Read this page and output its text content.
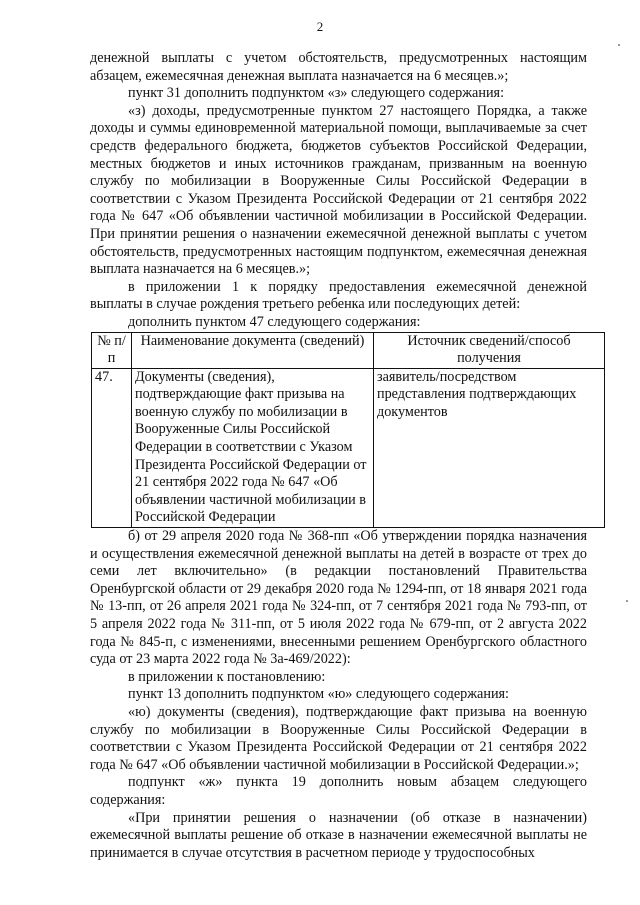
2

денежной выплаты с учетом обстоятельств, предусмотренных настоящим абзацем, ежемесячная денежная выплата назначается на 6 месяцев.»;

пункт 31 дополнить подпунктом «з» следующего содержания:

«з) доходы, предусмотренные пунктом 27 настоящего Порядка, а также доходы и суммы единовременной материальной помощи, выплачиваемые за счет средств федерального бюджета, бюджетов субъектов Российской Федерации, местных бюджетов и иных источников гражданам, призванным на военную службу по мобилизации в Вооруженные Силы Российской Федерации в соответствии с Указом Президента Российской Федерации от 21 сентября 2022 года № 647 «Об объявлении частичной мобилизации в Российской Федерации. При принятии решения о назначении ежемесячной денежной выплаты с учетом обстоятельств, предусмотренных настоящим подпунктом, ежемесячная денежная выплата назначается на 6 месяцев.»;

в приложении 1 к порядку предоставления ежемесячной денежной выплаты в случае рождения третьего ребенка или последующих детей:

дополнить пунктом 47 следующего содержания:

№ п/п	Наименование документа (сведений)	Источник сведений/способ получения
47.	Документы (сведения), подтверждающие факт призыва на военную службу по мобилизации в Вооруженные Силы Российской Федерации в соответствии с Указом Президента Российской Федерации от 21 сентября 2022 года № 647 «Об объявлении частичной мобилизации в Российской Федерации	заявитель/посредством представления подтверждающих документов

б) от 29 апреля 2020 года № 368-пп «Об утверждении порядка назначения и осуществления ежемесячной денежной выплаты на детей в возрасте от трех до семи лет включительно» (в редакции постановлений Правительства Оренбургской области от 29 декабря 2020 года № 1294-пп, от 18 января 2021 года № 13-пп, от 26 апреля 2021 года № 324-пп, от 7 сентября 2021 года № 793-пп, от 5 апреля 2022 года № 311-пп, от 5 июля 2022 года № 679-пп, от 2 августа 2022 года № 845-п, с изменениями, внесенными решением Оренбургского областного суда от 23 марта 2022 года № 3а-469/2022):

в приложении к постановлению:

пункт 13 дополнить подпунктом «ю» следующего содержания:

«ю) документы (сведения), подтверждающие факт призыва на военную службу по мобилизации в Вооруженные Силы Российской Федерации в соответствии с Указом Президента Российской Федерации от 21 сентября 2022 года № 647 «Об объявлении частичной мобилизации в Российской Федерации.»;

подпункт «ж» пункта 19 дополнить новым абзацем следующего содержания:

«При принятии решения о назначении (об отказе в назначении) ежемесячной выплаты решение об отказе в назначении ежемесячной выплаты не принимается в случае отсутствия в расчетном периоде у трудоспособных
